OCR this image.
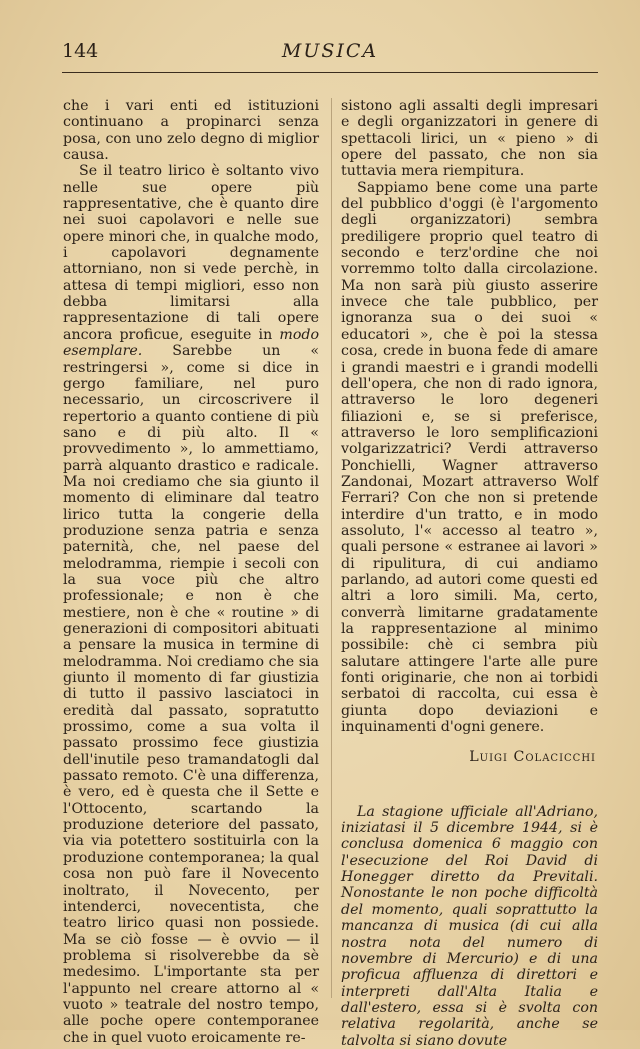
144	MUSICA

che i vari enti ed istituzioni continuano a propinarci senza posa, con uno zelo degno di miglior causa.

Se il teatro lirico è soltanto vivo nelle sue opere più rappresentative, che è quanto dire nei suoi capolavori e nelle sue opere minori che, in qualche modo, i capolavori degnamente attorniano, non si vede perchè, in attesa di tempi migliori, esso non debba limitarsi alla rappresentazione di tali opere ancora proficue, eseguite in modo esemplare. Sarebbe un « restringersi », come si dice in gergo familiare, nel puro necessario, un circoscrivere il repertorio a quanto contiene di più sano e di più alto. Il « provvedimento », lo ammettiamo, parrà alquanto drastico e radicale. Ma noi crediamo che sia giunto il momento di eliminare dal teatro lirico tutta la congerie della produzione senza patria e senza paternità, che, nel paese del melodramma, riempie i secoli con la sua voce più che altro professionale; e non è che mestiere, non è che « routine » di generazioni di compositori abituati a pensare la musica in termine di melodramma. Noi crediamo che sia giunto il momento di far giustizia di tutto il passivo lasciatoci in eredità dal passato, sopratutto prossimo, come a sua volta il passato prossimo fece giustizia dell'inutile peso tramandatogli dal passato remoto. C'è una differenza, è vero, ed è questa che il Sette e l'Ottocento, scartando la produzione deteriore del passato, via via potettero sostituirla con la produzione contemporanea; la qual cosa non può fare il Novecento inoltrato, il Novecento, per intenderci, novecentista, che teatro lirico quasi non possiede. Ma se ciò fosse — è ovvio — il problema si risolverebbe da sè medesimo. L'importante sta per l'appunto nel creare attorno al « vuoto » teatrale del nostro tempo, alle poche opere contemporanee che in quel vuoto eroicamente re-

sistono agli assalti degli impresari e degli organizzatori in genere di spettacoli lirici, un « pieno » di opere del passato, che non sia tuttavia mera riempitura.

Sappiamo bene come una parte del pubblico d'oggi (è l'argomento degli organizzatori) sembra prediligere proprio quel teatro di secondo e terz'ordine che noi vorremmo tolto dalla circolazione. Ma non sarà più giusto asserire invece che tale pubblico, per ignoranza sua o dei suoi « educatori », che è poi la stessa cosa, crede in buona fede di amare i grandi maestri e i grandi modelli dell'opera, che non di rado ignora, attraverso le loro degeneri filiazioni e, se si preferisce, attraverso le loro semplificazioni volgarizzatrici? Verdi attraverso Ponchielli, Wagner attraverso Zandonai, Mozart attraverso Wolf Ferrari? Con che non si pretende interdire d'un tratto, e in modo assoluto, l'« accesso al teatro », quali persone « estranee ai lavori » di ripulitura, di cui andiamo parlando, ad autori come questi ed altri a loro simili. Ma, certo, converrà limitarne gradatamente la rappresentazione al minimo possibile: chè ci sembra più salutare attingere l'arte alle pure fonti originarie, che non ai torbidi serbatoi di raccolta, cui essa è giunta dopo deviazioni e inquinamenti d'ogni genere.

Luigi Colacicchi

La stagione ufficiale all'Adriano, iniziatasi il 5 dicembre 1944, si è conclusa domenica 6 maggio con l'esecuzione del Roi David di Honegger diretto da Previtali. Nonostante le non poche difficoltà del momento, quali soprattutto la mancanza di musica (di cui alla nostra nota del numero di novembre di Mercurio) e di una proficua affluenza di direttori e interpreti dall'Alta Italia e dall'estero, essa si è svolta con relativa regolarità, anche se talvolta si siano dovute
